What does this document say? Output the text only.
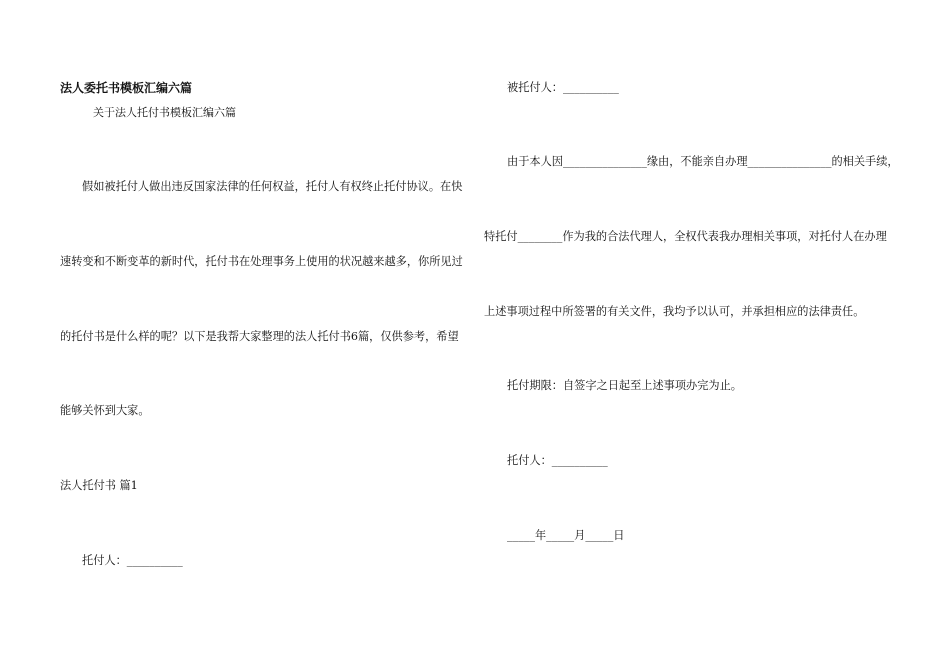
法人委托书模板汇编六篇
关于法人托付书模板汇编六篇
假如被托付人做出违反国家法律的任何权益，托付人有权终止托付协议。在快
速转变和不断变革的新时代，托付书在处理事务上使用的状况越来越多，你所见过
的托付书是什么样的呢？以下是我帮大家整理的法人托付书6篇，仅供参考，希望
能够关怀到大家。
法人托付书 篇1
托付人：__________
被托付人：__________
由于本人因_______________缘由，不能亲自办理_______________的相关手续，
特托付________作为我的合法代理人，全权代表我办理相关事项，对托付人在办理
上述事项过程中所签署的有关文件，我均予以认可，并承担相应的法律责任。
托付期限：自签字之日起至上述事项办完为止。
托付人：__________
_____年_____月_____日
